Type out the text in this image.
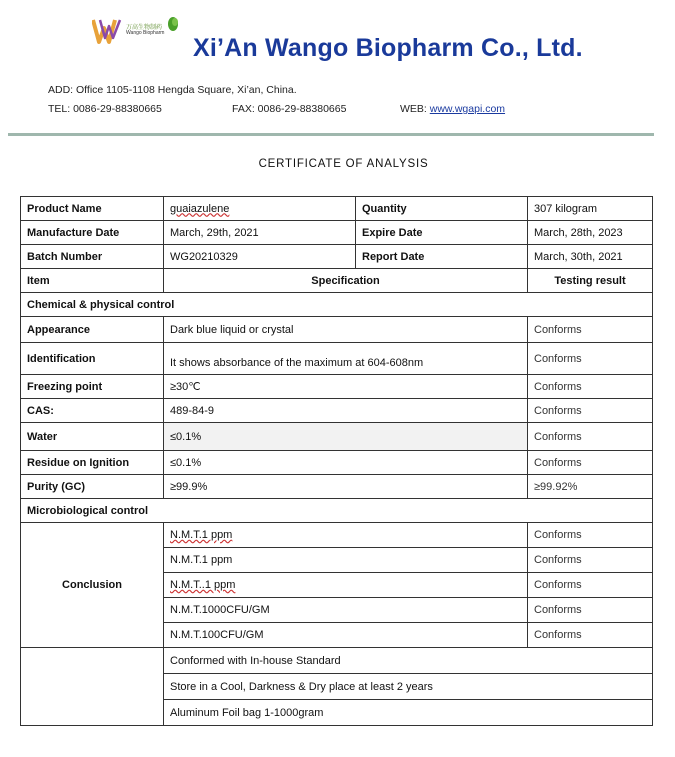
万高生物制药
Wango Biopharm
Xi’An Wango Biopharm Co., Ltd.
ADD: Office 1105-1108 Hengda Square, Xi’an, China.
TEL: 0086-29-88380665	FAX: 0086-29-88380665	WEB: www.wgapi.com
CERTIFICATE OF ANALYSIS
Product Name	guaiazulene	Quantity	307 kilogram
Manufacture Date	March, 29th, 2021	Expire Date	March, 28th, 2023
Batch Number	WG20210329	Report Date	March, 30th, 2021
Item	Specification		Testing result
Chemical & physical control			
Appearance	Dark blue liquid or crystal		Conforms
Identification	It shows absorbance of the maximum at 604-608nm		Conforms
Freezing point	≥30℃		Conforms
CAS:	489-84-9		Conforms
Water	≤0.1%		Conforms
Residue on Ignition	≤0.1%		Conforms
Purity (GC)	≥99.9%		≥99.92%
Microbiological control			
Conclusion	N.M.T.1 ppm		Conforms
	N.M.T.1 ppm		Conforms
	N.M.T..1 ppm		Conforms
	N.M.T.1000CFU/GM		Conforms
	N.M.T.100CFU/GM		Conforms
	Conformed with In-house Standard		
	Store in a Cool, Darkness & Dry place at least 2 years		
	Aluminum Foil bag 1-1000gram		
